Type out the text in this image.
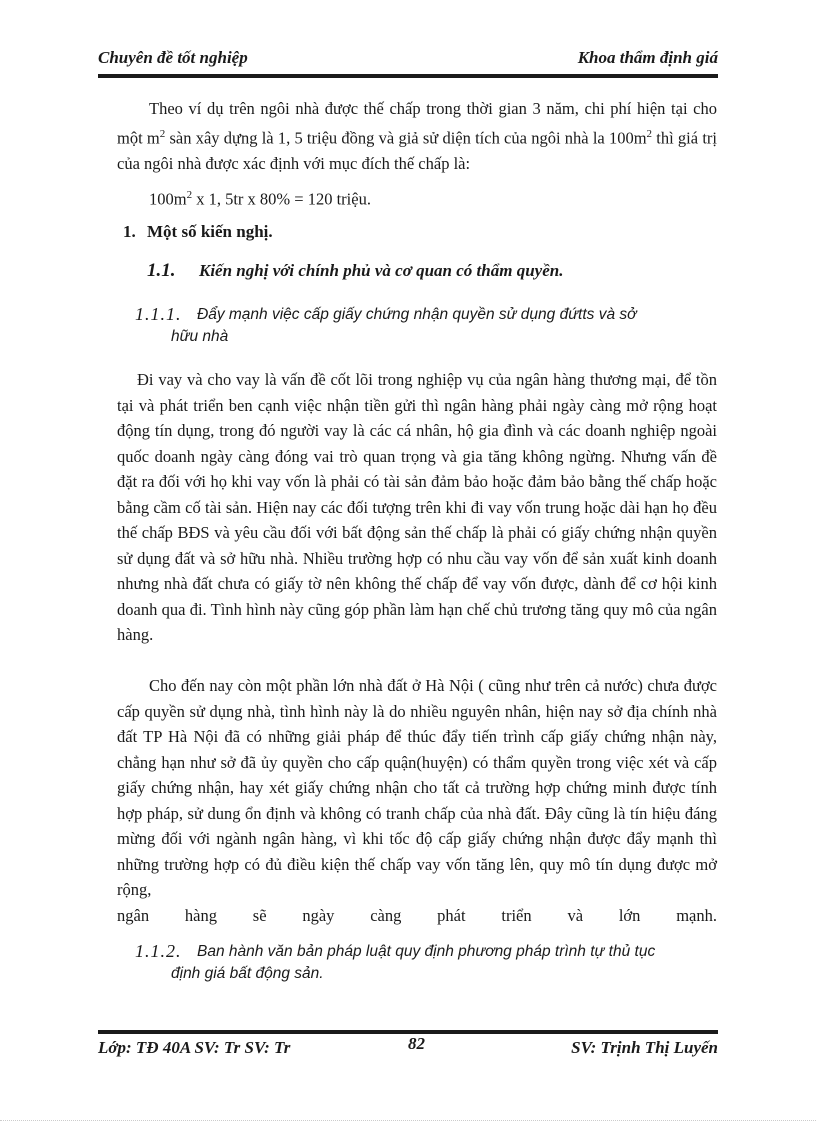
Chuyên đề tốt nghiệp	Khoa thẩm định giá
Theo ví dụ trên ngôi nhà được thế chấp trong thời gian 3 năm, chi phí hiện tại cho một $m^2$ sàn xây dựng là 1, 5 triệu đồng và giả sử diện tích của ngôi nhà la $100m^2$ thì giá trị của ngôi nhà được xác định với mục đích thế chấp là:
$100m^2$ x 1, 5tr x 80% = 120 triệu.
1. Một số kiến nghị.
1.1. Kiến nghị với chính phủ và cơ quan có thẩm quyền.
1.1.1.	Đẩy mạnh việc cấp giấy chứng nhận quyền sử dụng đứtts và sở
hữu nhà
Đi vay và cho vay là vấn đề cốt lõi trong nghiệp vụ của ngân hàng thương mại, để tồn tại và phát triển ben cạnh việc nhận tiền gửi thì ngân hàng phải ngày càng mở rộng hoạt động tín dụng, trong đó người vay là các cá nhân, hộ gia đình và các doanh nghiệp ngoài quốc doanh ngày càng đóng vai trò quan trọng và gia tăng không ngừng. Nhưng vấn đề đặt ra đối với họ khi vay vốn là phải có tài sản đảm bảo hoặc đảm bảo bằng thế chấp hoặc bằng cầm cố tài sản. Hiện nay các đối tượng trên khi đi vay vốn trung hoặc dài hạn họ đều thế chấp BĐS và yêu cầu đối với bất động sản thế chấp là phải có giấy chứng nhận quyền sử dụng đất và sở hữu nhà. Nhiều trường hợp có nhu cầu vay vốn để sản xuất kinh doanh nhưng nhà đất chưa có giấy tờ nên không thế chấp để vay vốn được, dành để cơ hội kinh doanh qua đi. Tình hình này cũng góp phần làm hạn chế chủ trương tăng quy mô của ngân hàng.
Cho đến nay còn một phần lớn nhà đất ở Hà Nội ( cũng như trên cả nước) chưa được cấp quyền sử dụng nhà, tình hình này là do nhiều nguyên nhân, hiện nay sở địa chính nhà đất TP Hà Nội đã có những giải pháp để thúc đẩy tiến trình cấp giấy chứng nhận này, chẳng hạn như sở đã ủy quyền cho cấp quận(huyện) có thẩm quyền trong việc xét và cấp giấy chứng nhận, hay xét giấy chứng nhận cho tất cả trường hợp chứng minh được tính hợp pháp, sử dung ổn định và không có tranh chấp của nhà đất. Đây cũng là tín hiệu đáng mừng đối với ngành ngân hàng, vì khi tốc độ cấp giấy chứng nhận được đẩy mạnh thì những trường hợp có đủ điều kiện thế chấp vay vốn tăng lên, quy mô tín dụng được mở rộng,
ngân hàng sẽ ngày càng phát triển và lớn mạnh.
1.1.2.	Ban hành văn bản pháp luật quy định phương pháp trình tự thủ tục
định giá bất động sản.
Lớp: TĐ 40A SV: Tr SV: Tr	82	SV: Trịnh Thị Luyến
